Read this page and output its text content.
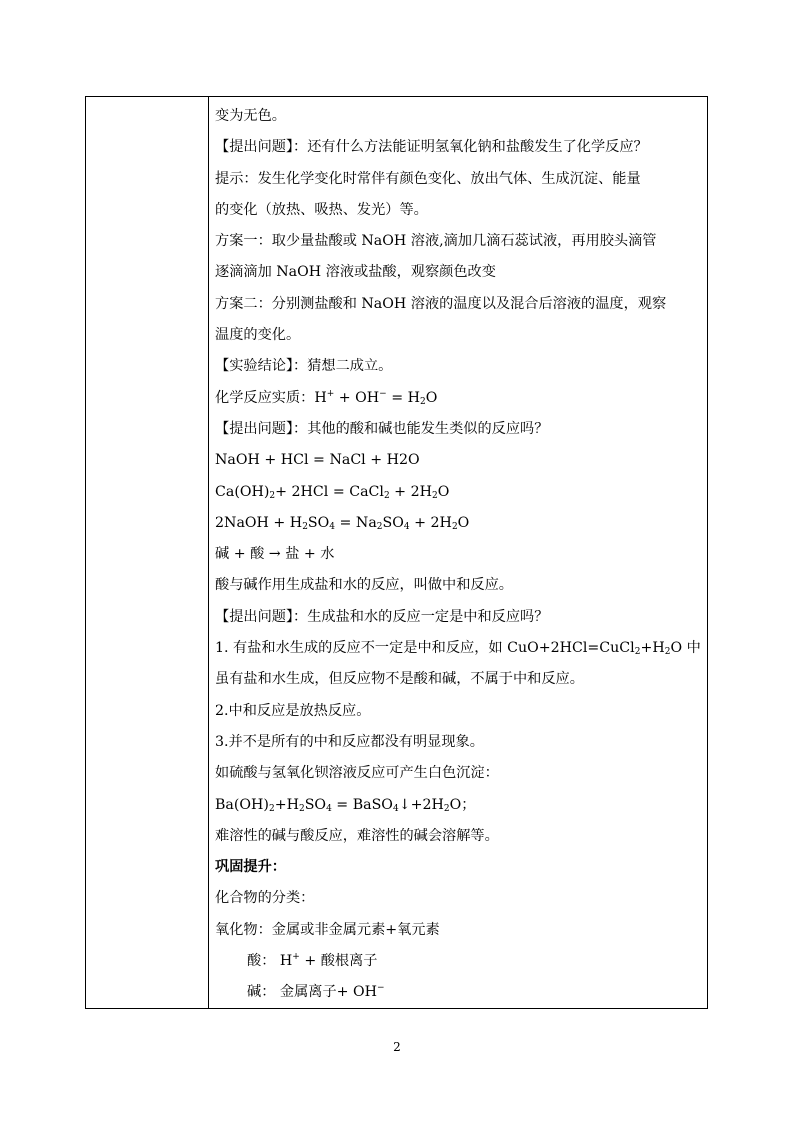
变为无色。
【提出问题】：还有什么方法能证明氢氧化钠和盐酸发生了化学反应？
提示：发生化学变化时常伴有颜色变化、放出气体、生成沉淀、能量
的变化（放热、吸热、发光）等。
方案一：取少量盐酸或 NaOH 溶液,滴加几滴石蕊试液，再用胶头滴管
逐滴滴加 NaOH 溶液或盐酸，观察颜色改变
方案二：分别测盐酸和 NaOH 溶液的温度以及混合后溶液的温度，观察
温度的变化。
【实验结论】：猜想二成立。
化学反应实质：$H^+ + OH^- = H_2O$
【提出问题】：其他的酸和碱也能发生类似的反应吗？
NaOH + HCl = NaCl + H2O
$Ca(OH)_2+ 2HCl$ = CaCl$_2$ + $2H_2O$
2NaOH + $H_2SO_4 = Na_2SO_4 + 2H_2O$
碱 + 酸 → 盐 + 水
酸与碱作用生成盐和水的反应，叫做中和反应。
【提出问题】：生成盐和水的反应一定是中和反应吗？
1. 有盐和水生成的反应不一定是中和反应，如 $CuO+2HCl=CuCl_2+H_2O$ 中
虽有盐和水生成，但反应物不是酸和碱，不属于中和反应。
2.中和反应是放热反应。
3.并不是所有的中和反应都没有明显现象。
如硫酸与氢氧化钡溶液反应可产生白色沉淀：
$Ba(OH)_2+H_2SO_4$ = $BaSO_4↓+2H_2O$；
难溶性的碱与酸反应，难溶性的碱会溶解等。
巩固提升：
化合物的分类：
氧化物：金属或非金属元素+氧元素
酸： H+ + 酸根离子
碱： 金属离子+ OH−
2
